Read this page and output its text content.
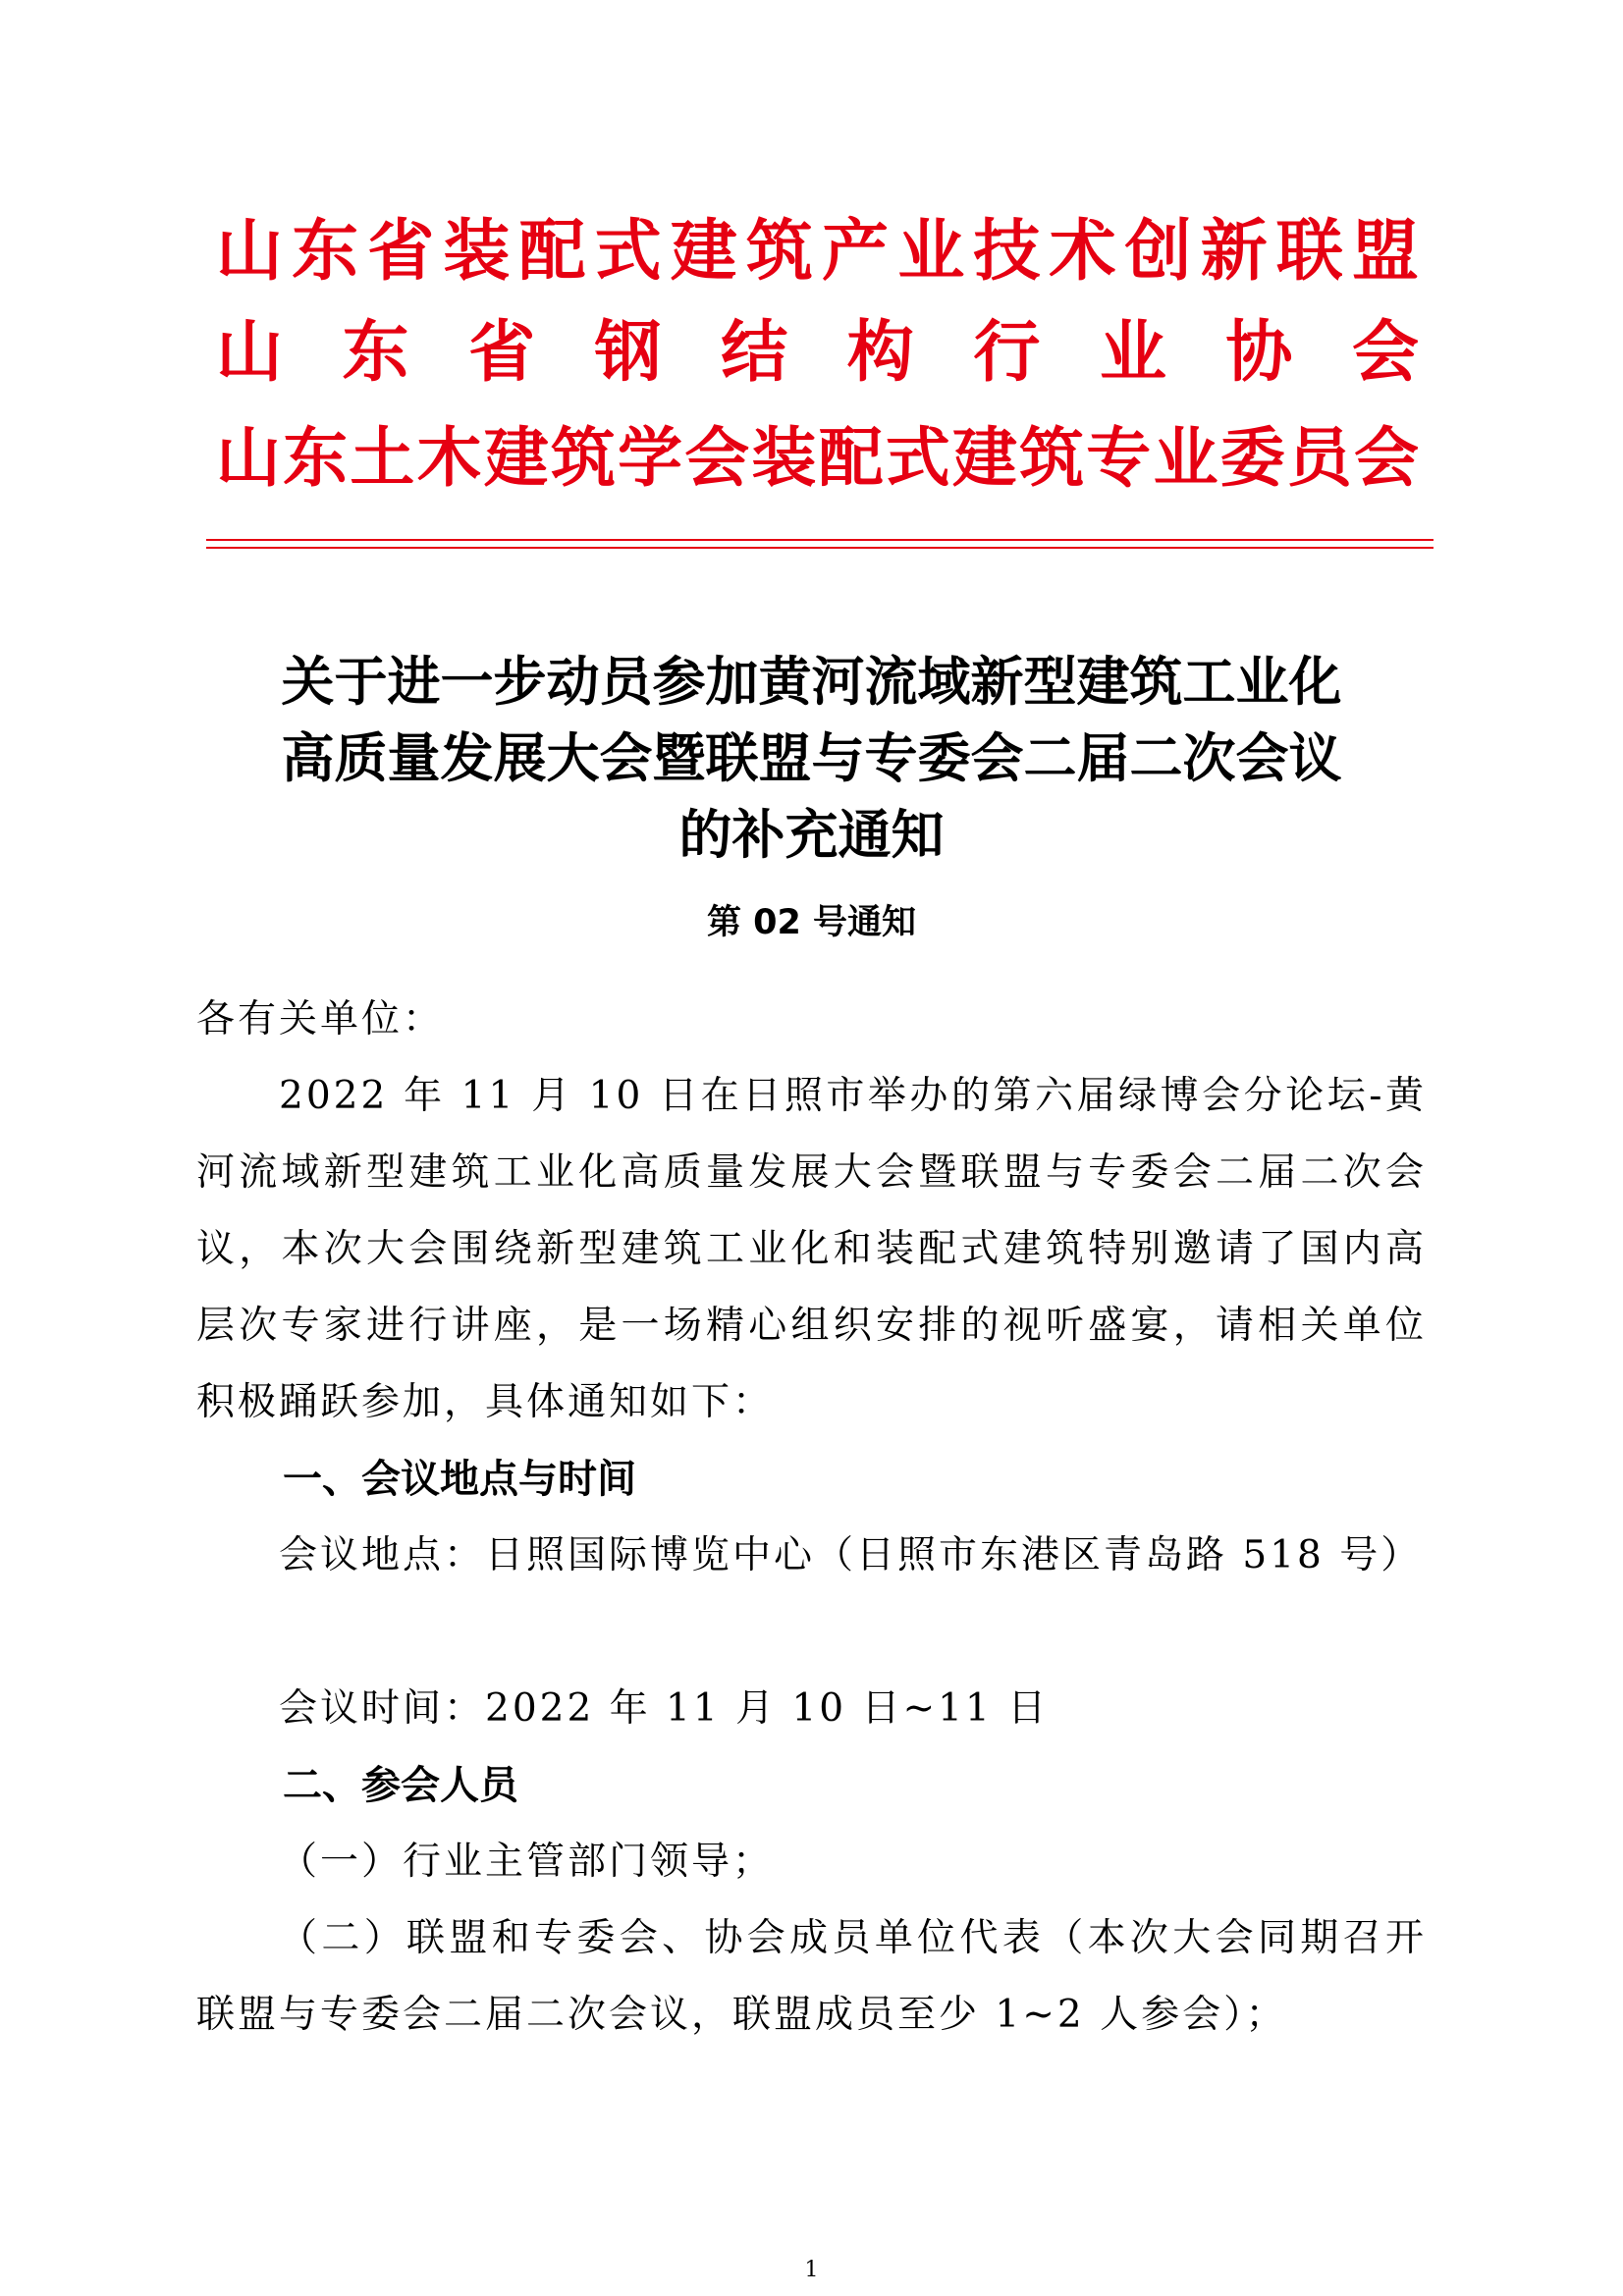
山东省装配式建筑产业技术创新联盟
山 东 省 钢 结 构 行 业 协 会
山东土木建筑学会装配式建筑专业委员会
关于进一步动员参加黄河流域新型建筑工业化
高质量发展大会暨联盟与专委会二届二次会议
的补充通知
第 02 号通知
各有关单位：
2022 年 11 月 10 日在日照市举办的第六届绿博会分论坛-黄河流域新型建筑工业化高质量发展大会暨联盟与专委会二届二次会议，本次大会围绕新型建筑工业化和装配式建筑特别邀请了国内高层次专家进行讲座，是一场精心组织安排的视听盛宴，请相关单位积极踊跃参加，具体通知如下：
一、会议地点与时间
会议地点：日照国际博览中心（日照市东港区青岛路 518 号）
会议时间：2022 年 11 月 10 日~11 日
二、参会人员
（一）行业主管部门领导；
（二）联盟和专委会、协会成员单位代表（本次大会同期召开联盟与专委会二届二次会议，联盟成员至少 1~2 人参会）；
1
